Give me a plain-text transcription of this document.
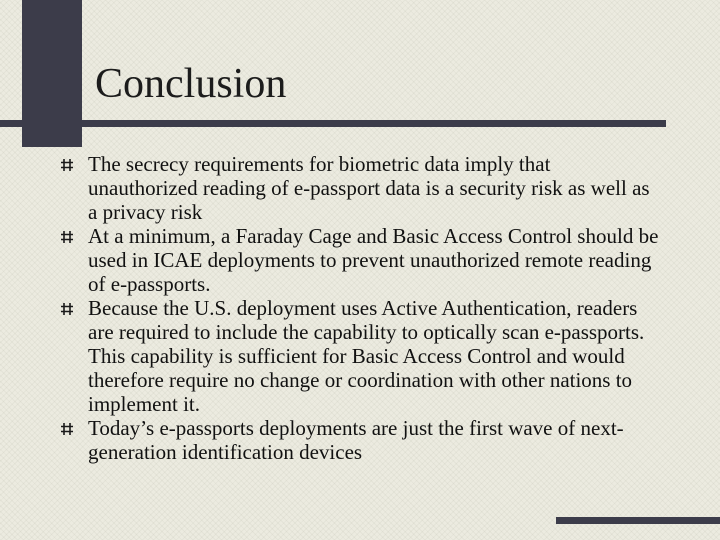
Conclusion
The secrecy requirements for biometric data imply that unauthorized reading of e-passport data is a security risk as well as a privacy risk
At a minimum, a Faraday Cage and Basic Access Control should be used in ICAE deployments to prevent unauthorized remote reading of e-passports.
Because the U.S. deployment uses Active Authentication, readers are required to include the capability to optically scan e-passports. This capability is sufficient for Basic Access Control and would therefore require no change or coordination with other nations to implement it.
Today’s e-passports deployments are just the first wave of next-generation identification devices
